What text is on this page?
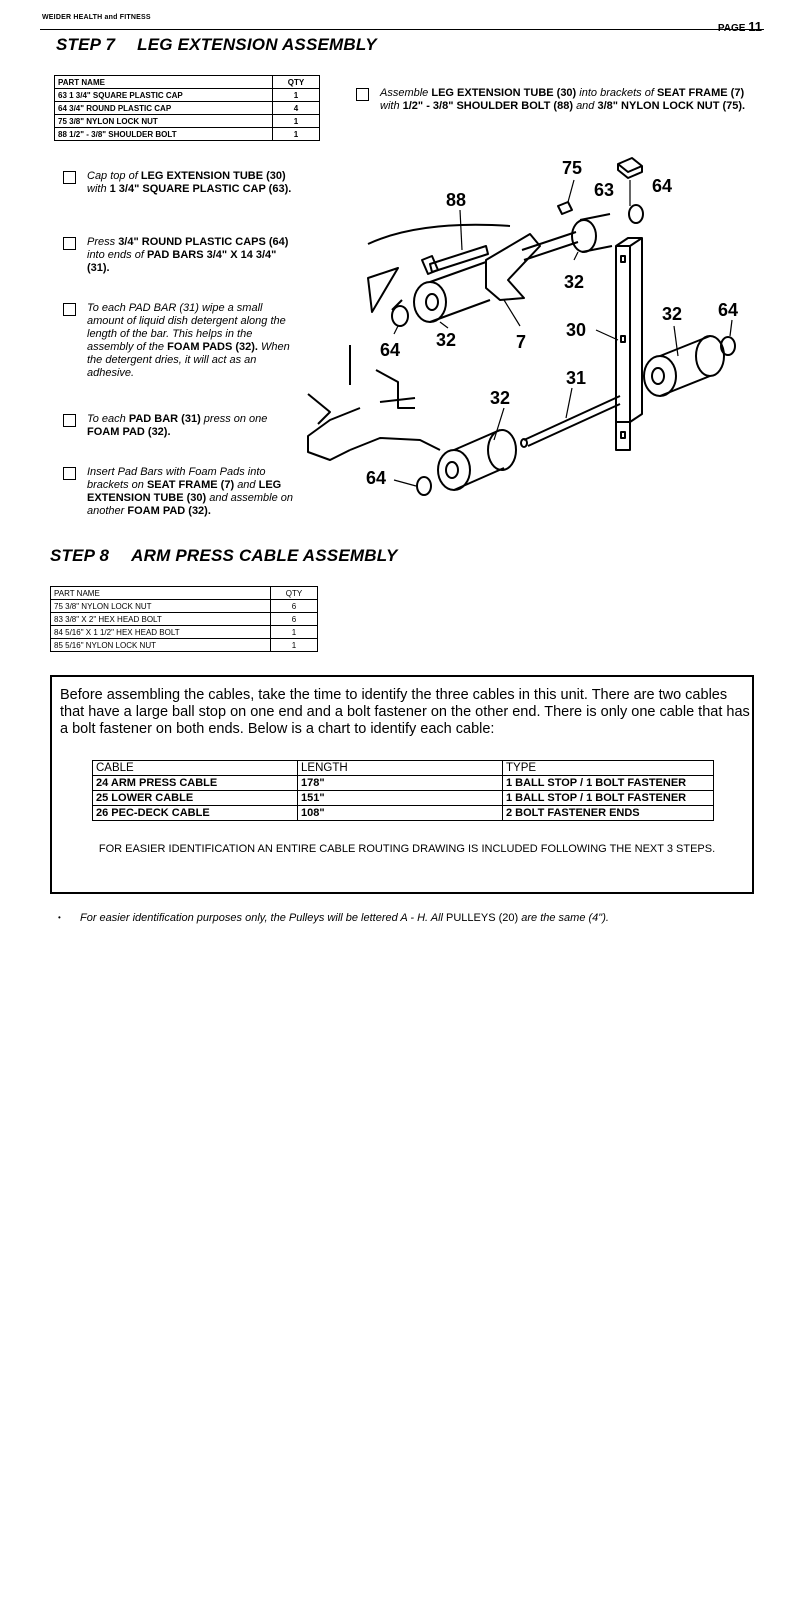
WEIDER HEALTH and FITNESS
PAGE 11
STEP 7 LEG EXTENSION ASSEMBLY
PART NAME	QTY
63 1 3/4" SQUARE PLASTIC CAP	1
64 3/4" ROUND PLASTIC CAP	4
75 3/8" NYLON LOCK NUT	1
88 1/2" - 3/8" SHOULDER BOLT	1
Assemble LEG EXTENSION TUBE (30) into brackets of SEAT FRAME (7) with 1/2" - 3/8" SHOULDER BOLT (88) and 3/8" NYLON LOCK NUT (75).
Cap top of LEG EXTENSION TUBE (30) with 1 3/4" SQUARE PLASTIC CAP (63).
Press 3/4" ROUND PLASTIC CAPS (64) into ends of PAD BARS 3/4" X 14 3/4" (31).
To each PAD BAR (31) wipe a small amount of liquid dish detergent along the length of the bar. This helps in the assembly of the FOAM PADS (32). When the detergent dries, it will act as an adhesive.
To each PAD BAR (31) press on one FOAM PAD (32).
Insert Pad Bars with Foam Pads into brackets on SEAT FRAME (7) and LEG EXTENSION TUBE (30) and assemble on another FOAM PAD (32).
75
63 64
88
32
64 32	7
30
32 64
31
32
64
STEP 8 ARM PRESS CABLE ASSEMBLY
PART NAME	QTY
75 3/8" NYLON LOCK NUT	6
83 3/8" X 2" HEX HEAD BOLT	6
84 5/16" X 1 1/2" HEX HEAD BOLT	1
85 5/16" NYLON LOCK NUT	1
Before assembling the cables, take the time to identify the three cables in this unit. There are two cables that have a large ball stop on one end and a bolt fastener on the other end. There is only one cable that has a bolt fastener on both ends. Below is a chart to identify each cable:
CABLE	LENGTH	TYPE
24 ARM PRESS CABLE	178"	1 BALL STOP / 1 BOLT FASTENER
25 LOWER CABLE	151"	1 BALL STOP / 1 BOLT FASTENER
26 PEC-DECK CABLE	108"	2 BOLT FASTENER ENDS
FOR EASIER IDENTIFICATION AN ENTIRE CABLE ROUTING DRAWING IS INCLUDED FOLLOWING THE NEXT 3 STEPS.
• For easier identification purposes only, the Pulleys will be lettered A - H. All PULLEYS (20) are the same (4").
